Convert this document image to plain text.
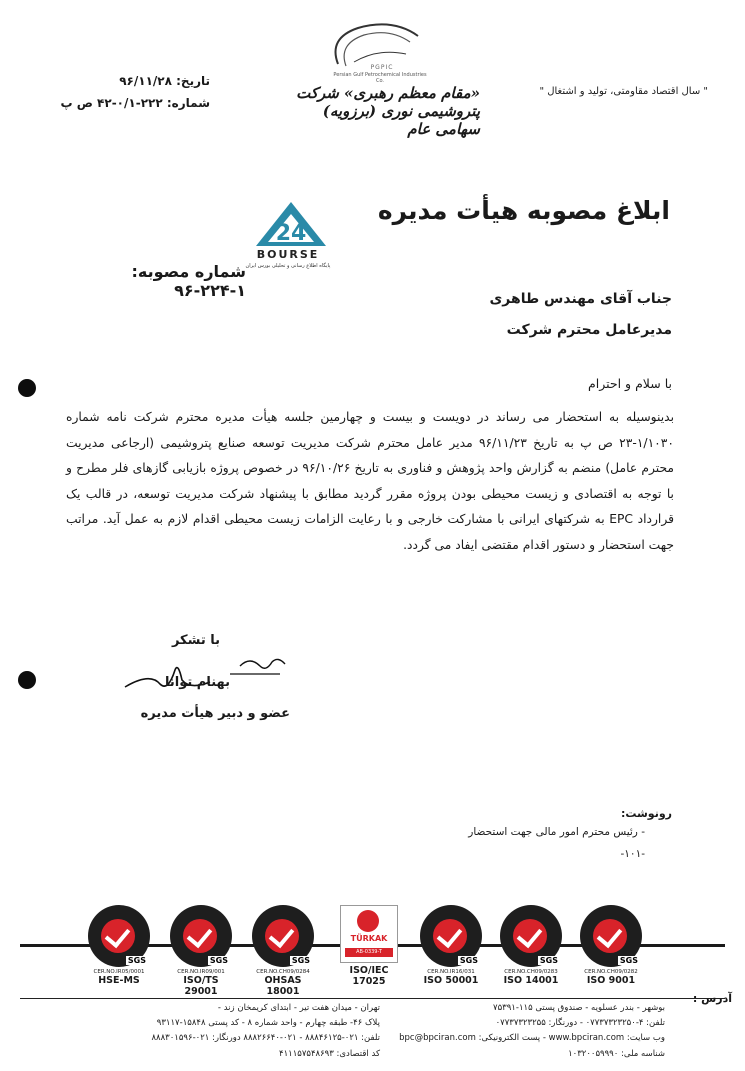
PGPIC
Persian Gulf Petrochemical Industries Co.
" سال اقتصاد مقاومتی، تولید و اشتغال "
«مقام معظم رهبری» شرکت پتروشیمی نوری (برزویه) سهامی عام
تاریخ: ۹۶/۱۱/۲۸
شماره: ۲۲۲-۰/۱-۴۲ ص پ
ابلاغ مصوبه هیأت مدیره
24
BOURSE
پایگاه اطلاع رسانی و تحلیلی بورس ایران
شماره مصوبه: ۱-۲۲۴-۹۶	جناب آقای مهندس طاهری
مدیرعامل محترم شرکت
با سلام و احترام
بدینوسیله به استحضار می رساند در دویست و بیست و چهارمین جلسه هیأت مدیره محترم شرکت نامه شماره ۱/۱۰۳۰-۲۳ ص پ به تاریخ ۹۶/۱۱/۲۳ مدیر عامل محترم شرکت مدیریت توسعه صنایع پتروشیمی (ارجاعی مدیریت محترم عامل) منضم به گزارش واحد پژوهش و فناوری به تاریخ ۹۶/۱۰/۲۶ در خصوص پروژه بازیابی گازهای فلر مطرح و با توجه به اقتصادی و زیست محیطی بودن پروژه مقرر گردید مطابق با پیشنهاد شرکت مدیریت توسعه، در قالب یک قرارداد EPC به شرکتهای ایرانی با مشارکت خارجی و با رعایت الزامات زیست محیطی اقدام لازم به عمل آید. مراتب جهت استحضار و دستور اقدام مقتضی ایفاد می گردد.
با تشکر
بهنام توانا
عضو و دبیر هیأت مدیره
رونوشت:
- رئیس محترم امور مالی جهت استحضار
-۱۰۱-
SGS
CER.NO.IR05/0001
HSE-MS
SGS
CER.NO.IR09/001
ISO/TS 29001
SGS
CER.NO.CH09/0284
OHSAS 18001
TÜRKAK
AB-0339-T
ISO/IEC 17025
SGS
CER.NO.IR16/031
ISO 50001
SGS
CER.NO.CH09/0283
ISO 14001
SGS
CER.NO.CH09/0282
ISO 9001
آدرس :
بوشهر - بندر عسلویه - صندوق پستی ۱۱۵-۷۵۳۹۱
تلفن: ۴-۰۷۷۳۷۳۲۳۲۵۰ - دورنگار: ۰۷۷۳۷۳۲۳۲۵۵
وب سایت: www.bpciran.com - پست الکترونیکی: bpc@bpciran.com
شناسه ملی: ۱۰۳۲۰۰۵۹۹۹۰
تهران - میدان هفت تیر - ابتدای کریمخان زند -
پلاک ۴۶- طبقه چهارم - واحد شماره ۸ - کد پستی ۱۵۸۴۸-۹۳۱۱۷
تلفن: ۰۲۱-۸۸۸۴۶۱۲۵ - ۰۲۱-۸۸۸۲۶۶۴۰ دورنگار: ۰۲۱-۸۸۸۳۰۱۵۹۶
کد اقتصادی: ۴۱۱۱۵۷۵۴۸۶۹۳
